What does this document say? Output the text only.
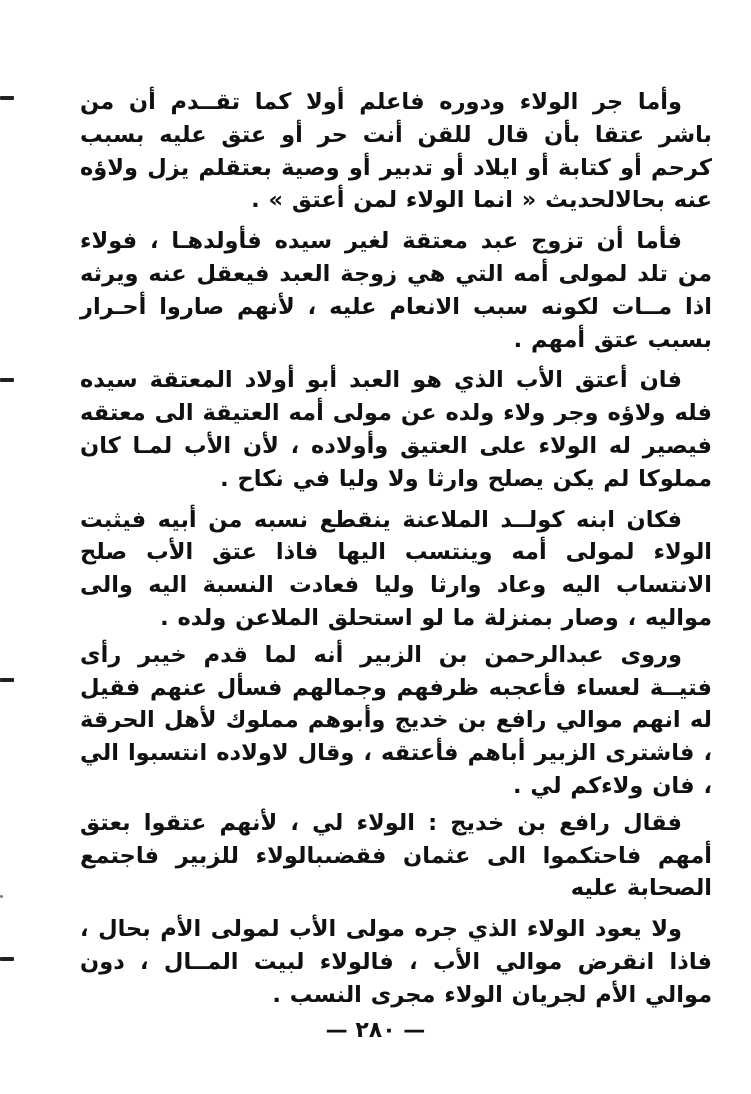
وأما جر الولاء ودوره فاعلم أولا كما تقــدم أن من باشر عتقا بأن قال للقن أنت حر أو عتق عليه بسبب كرحم أو كتابة أو ايلاد أو تدبير أو وصية بعتقلم يزل ولاؤه عنه بحالالحديث « انما الولاء لمن أعتق » .

فأما أن تزوج عبد معتقة لغير سيده فأولدهـا ، فولاء من تلد لمولى أمه التي هي زوجة العبد فيعقل عنه ويرثه اذا مــات لكونه سبب الانعام عليه ، لأنهم صاروا أحـرار بسبب عتق أمهم .

فان أعتق الأب الذي هو العبد أبو أولاد المعتقة سيده فله ولاؤه وجر ولاء ولده عن مولى أمه العتيقة الى معتقه فيصير له الولاء على العتيق وأولاده ، لأن الأب لمـا كان مملوكا لم يكن يصلح وارثا ولا وليا في نكاح .

فكان ابنه كولــد الملاعنة ينقطع نسبه من أبيه فيثبت الولاء لمولى أمه وينتسب اليها فاذا عتق الأب صلح الانتساب اليه وعاد وارثا وليا فعادت النسبة اليه والى مواليه ، وصار بمنزلة ما لو استحلق الملاعن ولده .

وروى عبدالرحمن بن الزبير أنه لما قدم خيبر رأى فتيــة لعساء فأعجبه ظرفهم وجمالهم فسأل عنهم فقيل له انهم موالي رافع بن خديج وأبوهم مملوك لأهل الحرقة ، فاشترى الزبير أباهم فأعتقه ، وقال لاولاده انتسبوا الي ، فان ولاءكم لي .

فقال رافع بن خديج : الولاء لي ، لأنهم عتقوا بعتق أمهم فاحتكموا الى عثمان فقضىبالولاء للزبير فاجتمع الصحابة عليه

ولا يعود الولاء الذي جره مولى الأب لمولى الأم بحال ، فاذا انقرض موالي الأب ، فالولاء لبيت المــال ، دون موالي الأم لجريان الولاء مجرى النسب .

— ٢٨٠ —
